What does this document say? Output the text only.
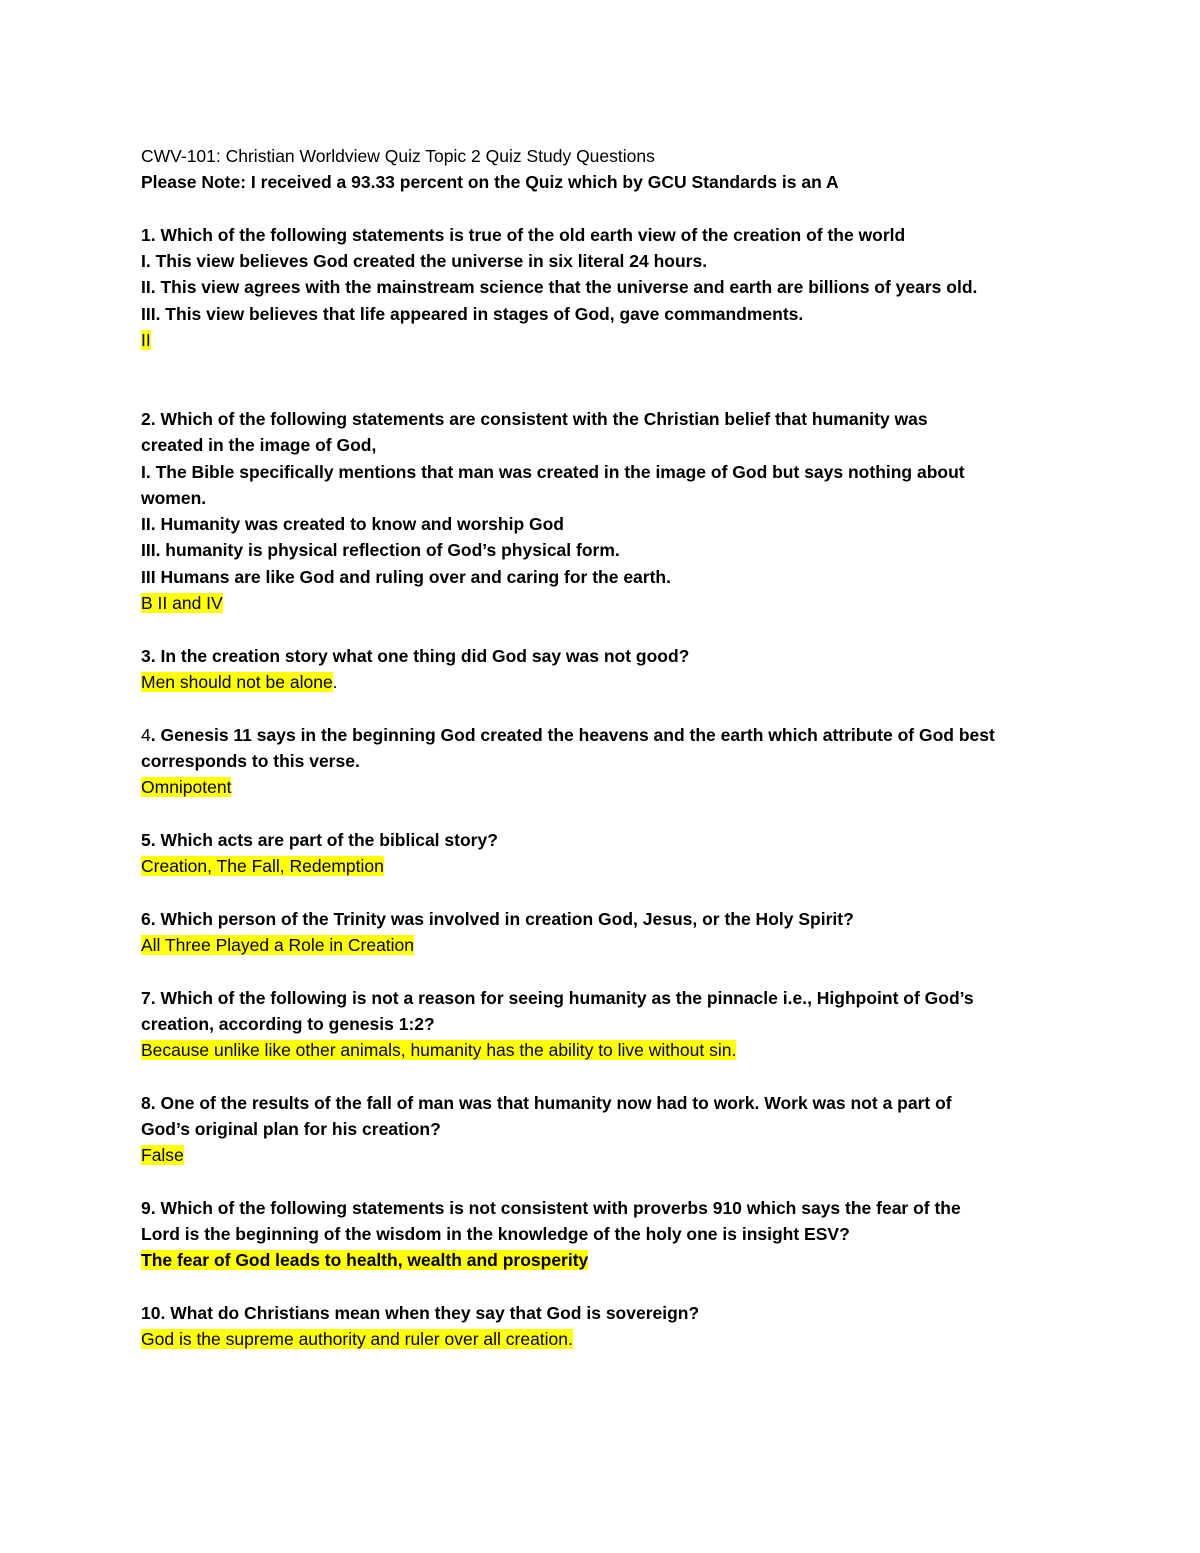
CWV-101: Christian Worldview Quiz Topic 2 Quiz Study Questions
Please Note: I received a 93.33 percent on the Quiz which by GCU Standards is an A
1. Which of the following statements is true of the old earth view of the creation of the world
I. This view believes God created the universe in six literal 24 hours.
II. This view agrees with the mainstream science that the universe and earth are billions of years old.
III. This view believes that life appeared in stages of God, gave commandments.
II
2. Which of the following statements are consistent with the Christian belief that humanity was
created in the image of God,
I. The Bible specifically mentions that man was created in the image of God but says nothing about
women.
II. Humanity was created to know and worship God
III. humanity is physical reflection of God’s physical form.
III Humans are like God and ruling over and caring for the earth.
B II and IV
3. In the creation story what one thing did God say was not good?
Men should not be alone.
4. Genesis 11 says in the beginning God created the heavens and the earth which attribute of God best
corresponds to this verse.
Omnipotent
5. Which acts are part of the biblical story?
Creation, The Fall, Redemption
6. Which person of the Trinity was involved in creation God, Jesus, or the Holy Spirit?
All Three Played a Role in Creation
7. Which of the following is not a reason for seeing humanity as the pinnacle i.e., Highpoint of God’s
creation, according to genesis 1:2?
Because unlike like other animals, humanity has the ability to live without sin.
8. One of the results of the fall of man was that humanity now had to work. Work was not a part of
God’s original plan for his creation?
False
9. Which of the following statements is not consistent with proverbs 910 which says the fear of the
Lord is the beginning of the wisdom in the knowledge of the holy one is insight ESV?
The fear of God leads to health, wealth and prosperity
10. What do Christians mean when they say that God is sovereign?
God is the supreme authority and ruler over all creation.
